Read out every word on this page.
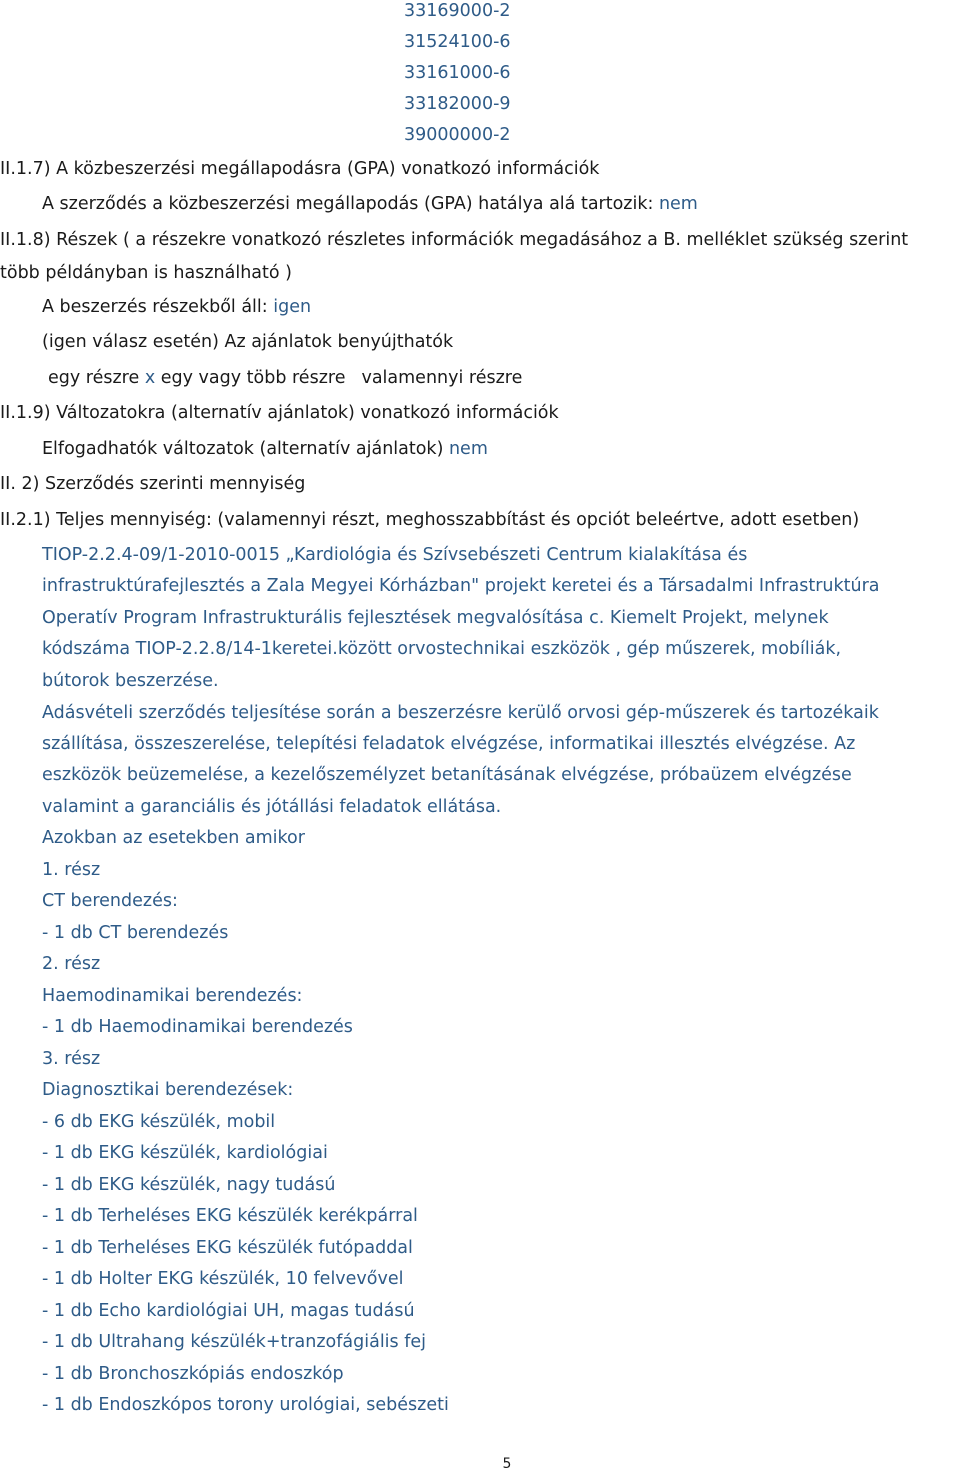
33169000-2
31524100-6
33161000-6
33182000-9
39000000-2
II.1.7) A közbeszerzési megállapodásra (GPA) vonatkozó információk
A szerződés a közbeszerzési megállapodás (GPA) hatálya alá tartozik: nem
II.1.8) Részek ( a részekre vonatkozó részletes információk megadásához a B. melléklet szükség szerint
több példányban is használható )
A beszerzés részekből áll: igen
(igen válasz esetén) Az ajánlatok benyújthatók
egy részre x egy vagy több részre valamennyi részre
II.1.9) Változatokra (alternatív ajánlatok) vonatkozó információk
Elfogadhatók változatok (alternatív ajánlatok) nem
II. 2) Szerződés szerinti mennyiség
II.2.1) Teljes mennyiség: (valamennyi részt, meghosszabbítást és opciót beleértve, adott esetben)
TIOP-2.2.4-09/1-2010-0015 „Kardiológia és Szívsebészeti Centrum kialakítása és
infrastruktúrafejlesztés a Zala Megyei Kórházban" projekt keretei és a Társadalmi Infrastruktúra
Operatív Program Infrastrukturális fejlesztések megvalósítása c. Kiemelt Projekt, melynek
kódszáma TIOP-2.2.8/14-1keretei.között orvostechnikai eszközök , gép műszerek, mobíliák,
bútorok beszerzése.
Adásvételi szerződés teljesítése során a beszerzésre kerülő orvosi gép-műszerek és tartozékaik
szállítása, összeszerelése, telepítési feladatok elvégzése, informatikai illesztés elvégzése. Az
eszközök beüzemelése, a kezelőszemélyzet betanításának elvégzése, próbaüzem elvégzése
valamint a garanciális és jótállási feladatok ellátása.
Azokban az esetekben amikor
1. rész
CT berendezés:
- 1 db CT berendezés
2. rész
Haemodinamikai berendezés:
- 1 db Haemodinamikai berendezés
3. rész
Diagnosztikai berendezések:
- 6 db EKG készülék, mobil
- 1 db EKG készülék, kardiológiai
- 1 db EKG készülék, nagy tudású
- 1 db Terheléses EKG készülék kerékpárral
- 1 db Terheléses EKG készülék futópaddal
- 1 db Holter EKG készülék, 10 felvevővel
- 1 db Echo kardiológiai UH, magas tudású
- 1 db Ultrahang készülék+tranzofágiális fej
- 1 db Bronchoszkópiás endoszkóp
- 1 db Endoszkópos torony urológiai, sebészeti
5
